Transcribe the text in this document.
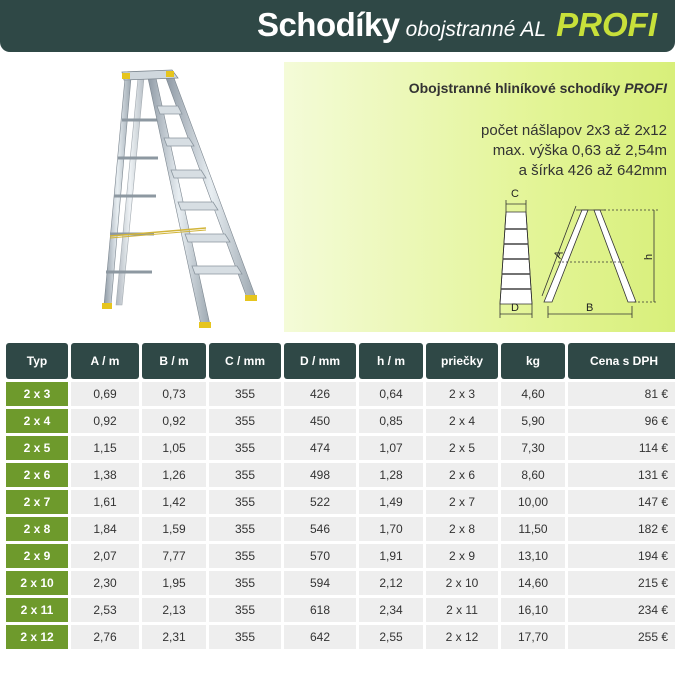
Schodíky obojstranné AL PROFI
Obojstranné hliníkové schodíky PROFI
počet nášlapov 2x3 až 2x12
max. výška 0,63 až 2,54m
a šírka 426 až 642mm
C
D
A
B
h
Typ	A / m	B / m	C / mm	D / mm	h / m	priečky	kg	Cena s DPH
2 x 3	0,69	0,73	355	426	0,64	2 x 3	4,60	81 €
2 x 4	0,92	0,92	355	450	0,85	2 x 4	5,90	96 €
2 x 5	1,15	1,05	355	474	1,07	2 x 5	7,30	114 €
2 x 6	1,38	1,26	355	498	1,28	2 x 6	8,60	131 €
2 x 7	1,61	1,42	355	522	1,49	2 x 7	10,00	147 €
2 x 8	1,84	1,59	355	546	1,70	2 x 8	11,50	182 €
2 x 9	2,07	7,77	355	570	1,91	2 x 9	13,10	194 €
2 x 10	2,30	1,95	355	594	2,12	2 x 10	14,60	215 €
2 x 11	2,53	2,13	355	618	2,34	2 x 11	16,10	234 €
2 x 12	2,76	2,31	355	642	2,55	2 x 12	17,70	255 €
